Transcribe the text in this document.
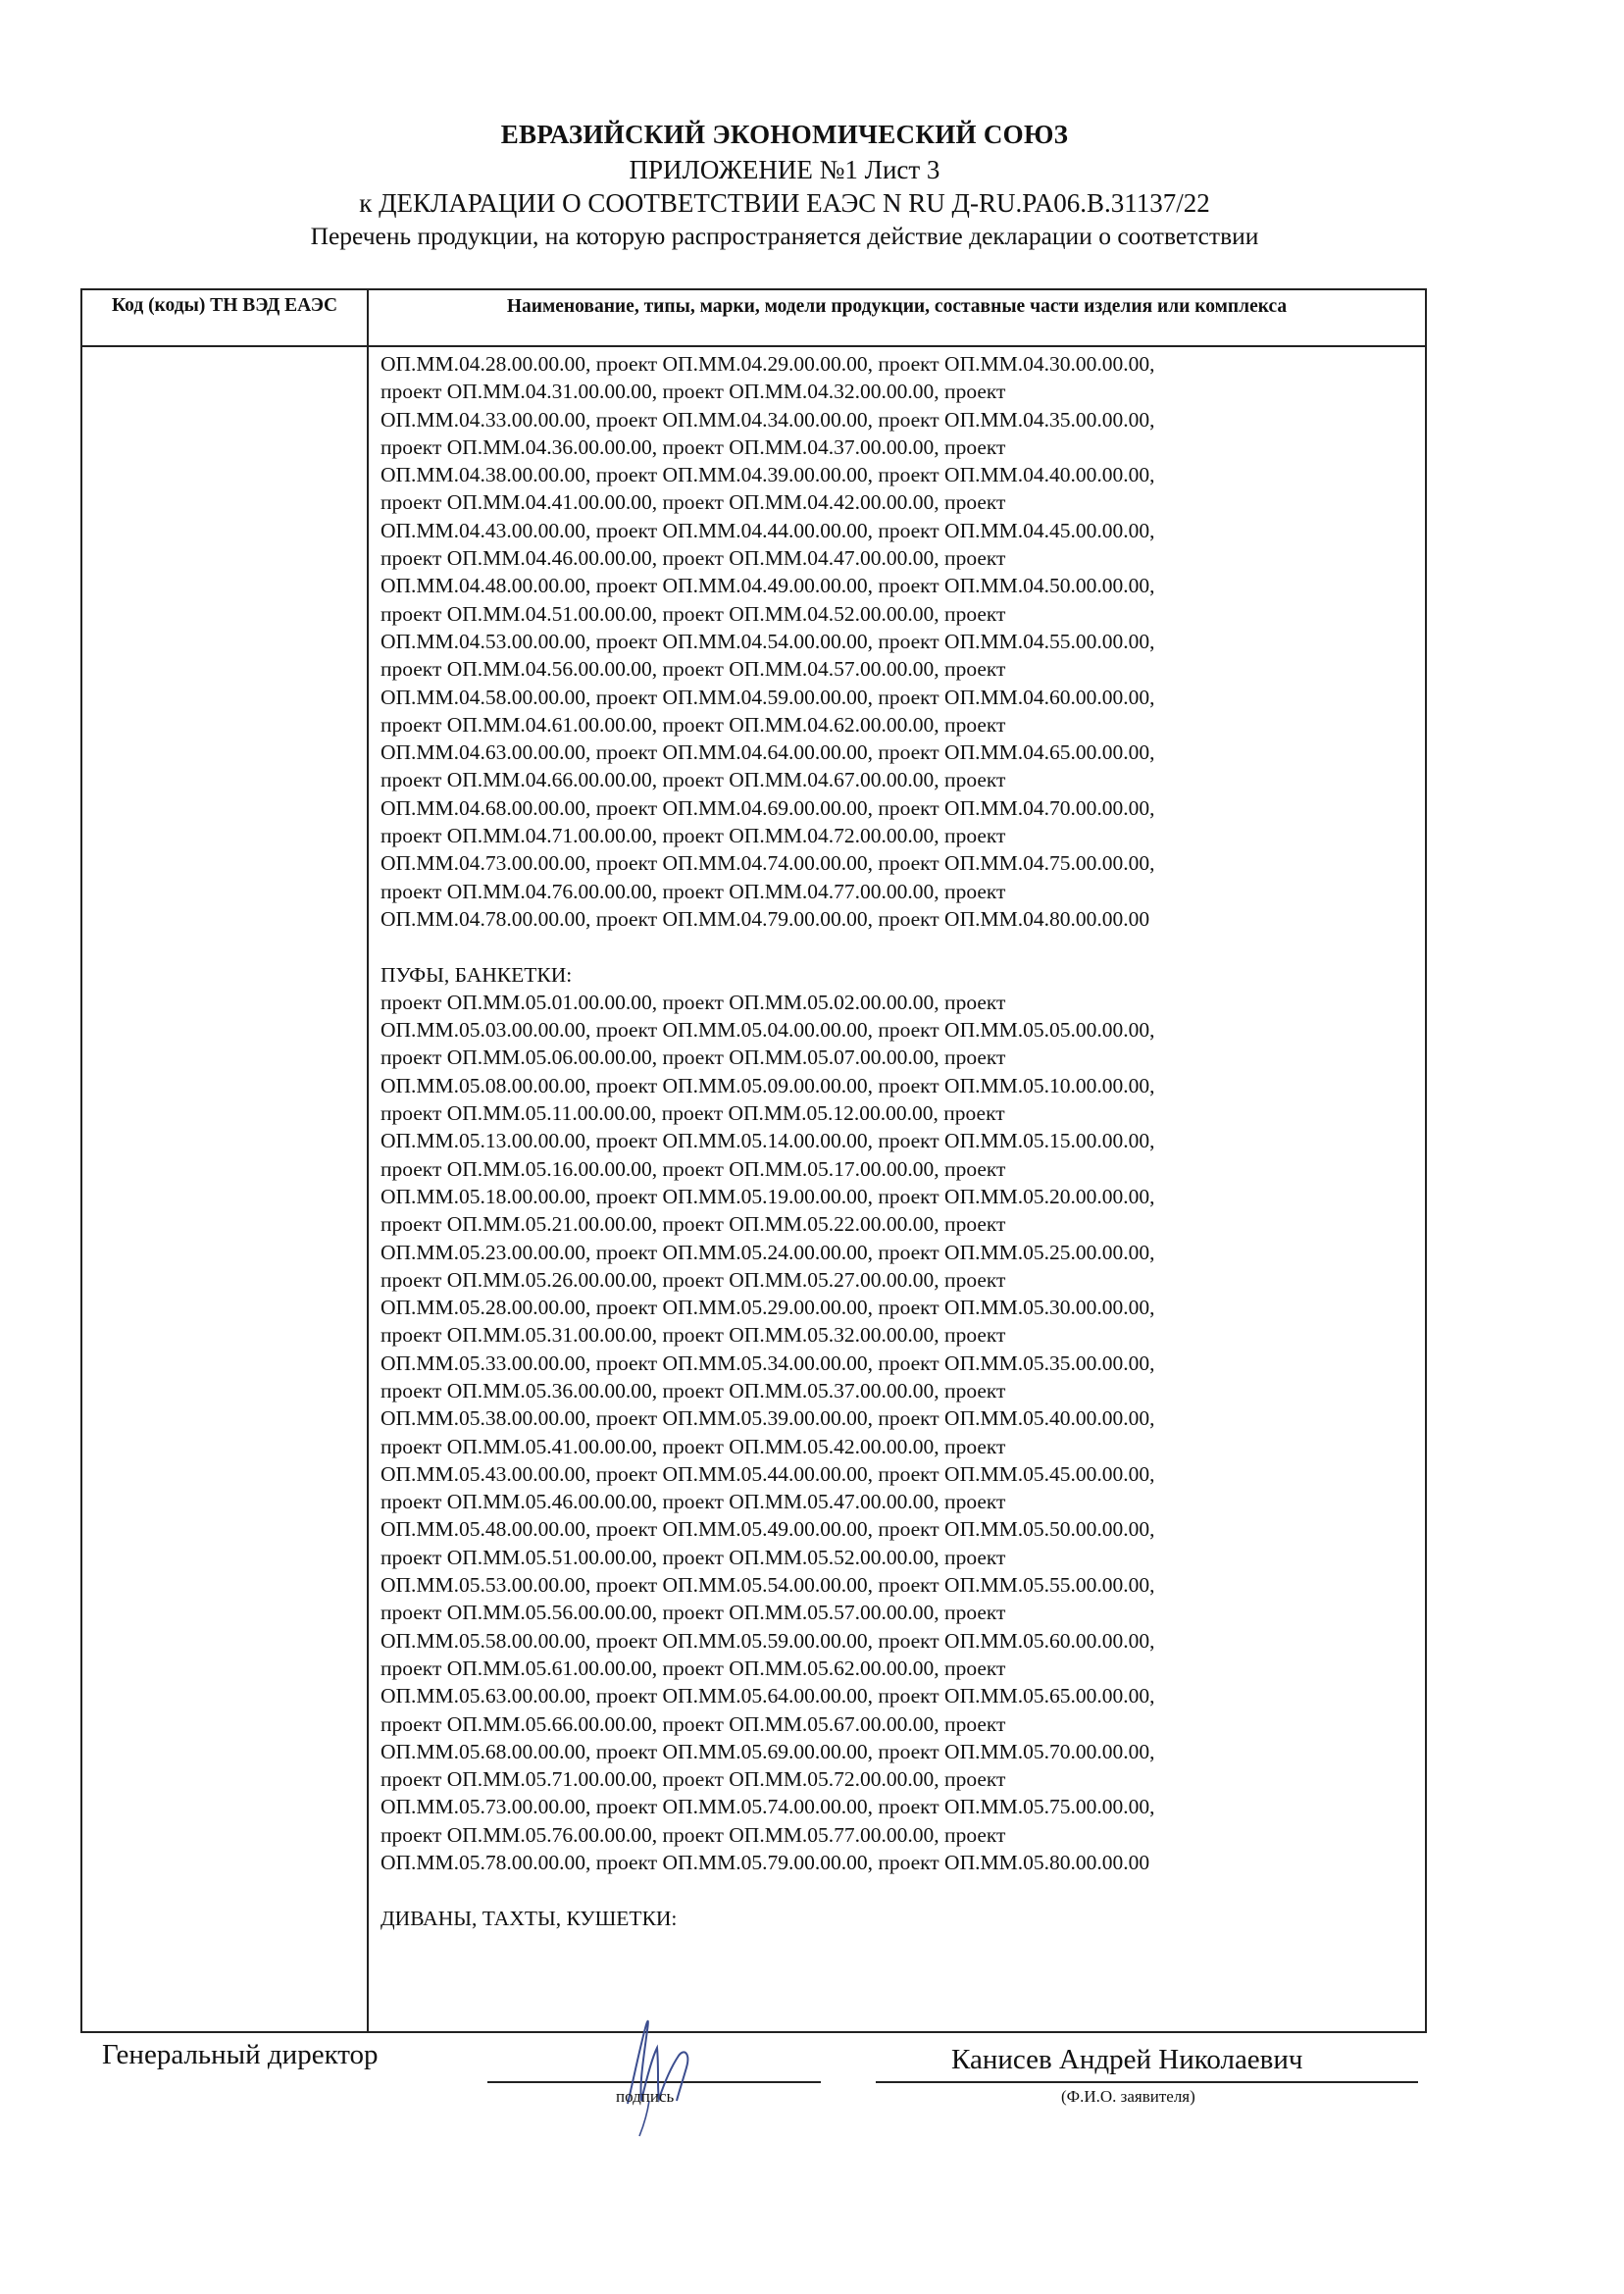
ЕВРАЗИЙСКИЙ ЭКОНОМИЧЕСКИЙ СОЮЗ
ПРИЛОЖЕНИЕ №1 Лист 3
к ДЕКЛАРАЦИИ О СООТВЕТСТВИИ ЕАЭС N RU Д-RU.PA06.B.31137/22
Перечень продукции, на которую распространяется действие декларации о соответствии
Код (коды) ТН ВЭД ЕАЭС	Наименование, типы, марки, модели продукции, составные части изделия или комплекса
ОП.ММ.04.28.00.00.00, проект ОП.ММ.04.29.00.00.00, проект ОП.ММ.04.30.00.00.00,
проект ОП.ММ.04.31.00.00.00, проект ОП.ММ.04.32.00.00.00, проект
ОП.ММ.04.33.00.00.00, проект ОП.ММ.04.34.00.00.00, проект ОП.ММ.04.35.00.00.00,
проект ОП.ММ.04.36.00.00.00, проект ОП.ММ.04.37.00.00.00, проект
ОП.ММ.04.38.00.00.00, проект ОП.ММ.04.39.00.00.00, проект ОП.ММ.04.40.00.00.00,
проект ОП.ММ.04.41.00.00.00, проект ОП.ММ.04.42.00.00.00, проект
ОП.ММ.04.43.00.00.00, проект ОП.ММ.04.44.00.00.00, проект ОП.ММ.04.45.00.00.00,
проект ОП.ММ.04.46.00.00.00, проект ОП.ММ.04.47.00.00.00, проект
ОП.ММ.04.48.00.00.00, проект ОП.ММ.04.49.00.00.00, проект ОП.ММ.04.50.00.00.00,
проект ОП.ММ.04.51.00.00.00, проект ОП.ММ.04.52.00.00.00, проект
ОП.ММ.04.53.00.00.00, проект ОП.ММ.04.54.00.00.00, проект ОП.ММ.04.55.00.00.00,
проект ОП.ММ.04.56.00.00.00, проект ОП.ММ.04.57.00.00.00, проект
ОП.ММ.04.58.00.00.00, проект ОП.ММ.04.59.00.00.00, проект ОП.ММ.04.60.00.00.00,
проект ОП.ММ.04.61.00.00.00, проект ОП.ММ.04.62.00.00.00, проект
ОП.ММ.04.63.00.00.00, проект ОП.ММ.04.64.00.00.00, проект ОП.ММ.04.65.00.00.00,
проект ОП.ММ.04.66.00.00.00, проект ОП.ММ.04.67.00.00.00, проект
ОП.ММ.04.68.00.00.00, проект ОП.ММ.04.69.00.00.00, проект ОП.ММ.04.70.00.00.00,
проект ОП.ММ.04.71.00.00.00, проект ОП.ММ.04.72.00.00.00, проект
ОП.ММ.04.73.00.00.00, проект ОП.ММ.04.74.00.00.00, проект ОП.ММ.04.75.00.00.00,
проект ОП.ММ.04.76.00.00.00, проект ОП.ММ.04.77.00.00.00, проект
ОП.ММ.04.78.00.00.00, проект ОП.ММ.04.79.00.00.00, проект ОП.ММ.04.80.00.00.00
ПУФЫ, БАНКЕТКИ:
проект ОП.ММ.05.01.00.00.00, проект ОП.ММ.05.02.00.00.00, проект
ОП.ММ.05.03.00.00.00, проект ОП.ММ.05.04.00.00.00, проект ОП.ММ.05.05.00.00.00,
проект ОП.ММ.05.06.00.00.00, проект ОП.ММ.05.07.00.00.00, проект
ОП.ММ.05.08.00.00.00, проект ОП.ММ.05.09.00.00.00, проект ОП.ММ.05.10.00.00.00,
проект ОП.ММ.05.11.00.00.00, проект ОП.ММ.05.12.00.00.00, проект
ОП.ММ.05.13.00.00.00, проект ОП.ММ.05.14.00.00.00, проект ОП.ММ.05.15.00.00.00,
проект ОП.ММ.05.16.00.00.00, проект ОП.ММ.05.17.00.00.00, проект
ОП.ММ.05.18.00.00.00, проект ОП.ММ.05.19.00.00.00, проект ОП.ММ.05.20.00.00.00,
проект ОП.ММ.05.21.00.00.00, проект ОП.ММ.05.22.00.00.00, проект
ОП.ММ.05.23.00.00.00, проект ОП.ММ.05.24.00.00.00, проект ОП.ММ.05.25.00.00.00,
проект ОП.ММ.05.26.00.00.00, проект ОП.ММ.05.27.00.00.00, проект
ОП.ММ.05.28.00.00.00, проект ОП.ММ.05.29.00.00.00, проект ОП.ММ.05.30.00.00.00,
проект ОП.ММ.05.31.00.00.00, проект ОП.ММ.05.32.00.00.00, проект
ОП.ММ.05.33.00.00.00, проект ОП.ММ.05.34.00.00.00, проект ОП.ММ.05.35.00.00.00,
проект ОП.ММ.05.36.00.00.00, проект ОП.ММ.05.37.00.00.00, проект
ОП.ММ.05.38.00.00.00, проект ОП.ММ.05.39.00.00.00, проект ОП.ММ.05.40.00.00.00,
проект ОП.ММ.05.41.00.00.00, проект ОП.ММ.05.42.00.00.00, проект
ОП.ММ.05.43.00.00.00, проект ОП.ММ.05.44.00.00.00, проект ОП.ММ.05.45.00.00.00,
проект ОП.ММ.05.46.00.00.00, проект ОП.ММ.05.47.00.00.00, проект
ОП.ММ.05.48.00.00.00, проект ОП.ММ.05.49.00.00.00, проект ОП.ММ.05.50.00.00.00,
проект ОП.ММ.05.51.00.00.00, проект ОП.ММ.05.52.00.00.00, проект
ОП.ММ.05.53.00.00.00, проект ОП.ММ.05.54.00.00.00, проект ОП.ММ.05.55.00.00.00,
проект ОП.ММ.05.56.00.00.00, проект ОП.ММ.05.57.00.00.00, проект
ОП.ММ.05.58.00.00.00, проект ОП.ММ.05.59.00.00.00, проект ОП.ММ.05.60.00.00.00,
проект ОП.ММ.05.61.00.00.00, проект ОП.ММ.05.62.00.00.00, проект
ОП.ММ.05.63.00.00.00, проект ОП.ММ.05.64.00.00.00, проект ОП.ММ.05.65.00.00.00,
проект ОП.ММ.05.66.00.00.00, проект ОП.ММ.05.67.00.00.00, проект
ОП.ММ.05.68.00.00.00, проект ОП.ММ.05.69.00.00.00, проект ОП.ММ.05.70.00.00.00,
проект ОП.ММ.05.71.00.00.00, проект ОП.ММ.05.72.00.00.00, проект
ОП.ММ.05.73.00.00.00, проект ОП.ММ.05.74.00.00.00, проект ОП.ММ.05.75.00.00.00,
проект ОП.ММ.05.76.00.00.00, проект ОП.ММ.05.77.00.00.00, проект
ОП.ММ.05.78.00.00.00, проект ОП.ММ.05.79.00.00.00, проект ОП.ММ.05.80.00.00.00
ДИВАНЫ, ТАХТЫ, КУШЕТКИ:
Генеральный директор
подпись
Канисев Андрей Николаевич
(Ф.И.О. заявителя)
